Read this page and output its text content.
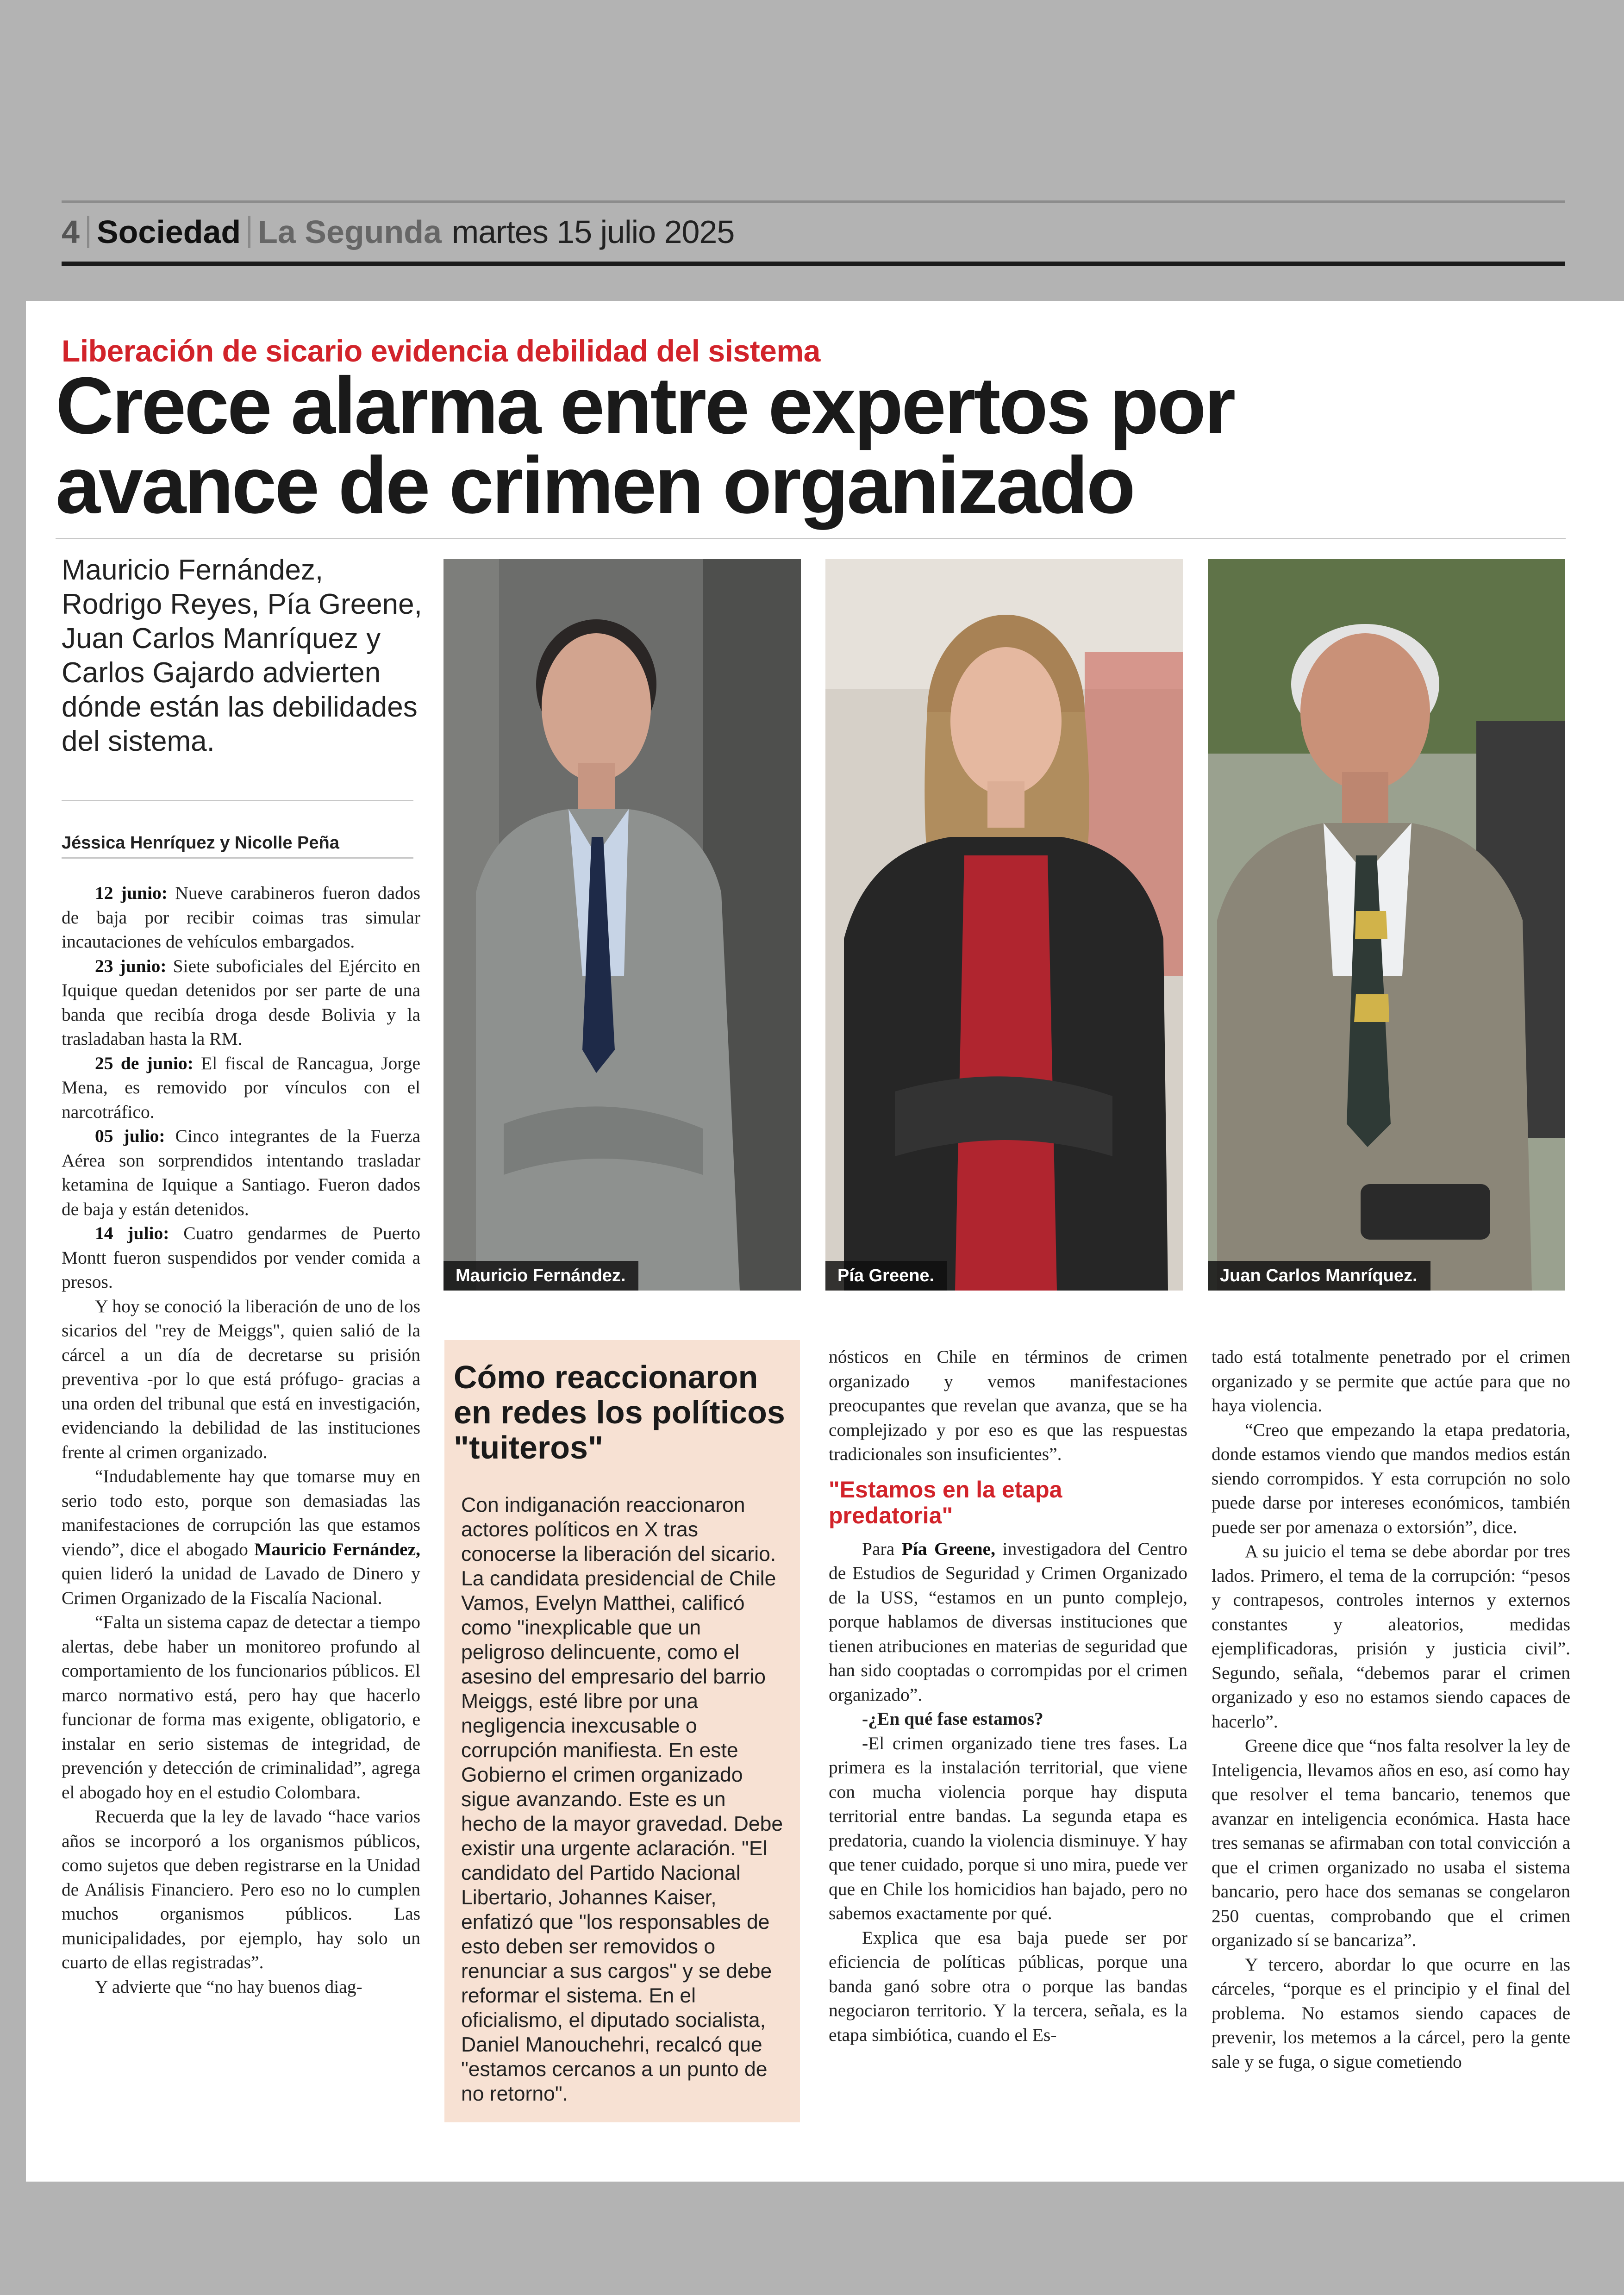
4 Sociedad La Segunda martes 15 julio 2025
Liberación de sicario evidencia debilidad del sistema
Crece alarma entre expertos por avance de crimen organizado

Mauricio Fernández, Rodrigo Reyes, Pía Greene, Juan Carlos Manríquez y Carlos Gajardo advierten dónde están las debilidades del sistema.

Jéssica Henríquez y Nicolle Peña
Mauricio Fernández.	Pía Greene.	Juan Carlos Manríquez.

12 junio: Nueve carabineros fueron dados de baja por recibir coimas tras simular incautaciones de vehículos embargados.

23 junio: Siete suboficiales del Ejército en Iquique quedan detenidos por ser parte de una banda que recibía droga desde Bolivia y la trasladaban hasta la RM.

25 de junio: El fiscal de Rancagua, Jorge Mena, es removido por vínculos con el narcotráfico.

05 julio: Cinco integrantes de la Fuerza Aérea son sorprendidos intentando trasladar ketamina de Iquique a Santiago. Fueron dados de baja y están detenidos.

14 julio: Cuatro gendarmes de Puerto Montt fueron suspendidos por vender comida a presos.

Y hoy se conoció la liberación de uno de los sicarios del "rey de Meiggs", quien salió de la cárcel a un día de decretarse su prisión preventiva -por lo que está prófugo- gracias a una orden del tribunal que está en investigación, evidenciando la debilidad de las instituciones frente al crimen organizado.

“Indudablemente hay que tomarse muy en serio todo esto, porque son demasiadas las manifestaciones de corrupción las que estamos viendo”, dice el abogado Mauricio Fernández, quien lideró la unidad de Lavado de Dinero y Crimen Organizado de la Fiscalía Nacional.

“Falta un sistema capaz de detectar a tiempo alertas, debe haber un monitoreo profundo al comportamiento de los funcionarios públicos. El marco normativo está, pero hay que hacerlo funcionar de forma mas exigente, obligatorio, e instalar en serio sistemas de integridad, de prevención y detección de criminalidad”, agrega el abogado hoy en el estudio Colombara.

Recuerda que la ley de lavado “hace varios años se incorporó a los organismos públicos, como sujetos que deben registrarse en la Unidad de Análisis Financiero. Pero eso no lo cumplen muchos organismos públicos. Las municipalidades, por ejemplo, hay solo un cuarto de ellas registradas”.

Y advierte que “no hay buenos diag-

Cómo reaccionaron en redes los políticos "tuiteros"

Con indiganación reaccionaron actores políticos en X tras conocerse la liberación del sicario. La candidata presidencial de Chile Vamos, Evelyn Matthei, calificó como "inexplicable que un peligroso delincuente, como el asesino del empresario del barrio Meiggs, esté libre por una negligencia inexcusable o corrupción manifiesta. En este Gobierno el crimen organizado sigue avanzando. Este es un hecho de la mayor gravedad. Debe existir una urgente aclaración. "El candidato del Partido Nacional Libertario, Johannes Kaiser, enfatizó que "los responsables de esto deben ser removidos o renunciar a sus cargos" y se debe reformar el sistema. En el oficialismo, el diputado socialista, Daniel Manouchehri, recalcó que "estamos cercanos a un punto de no retorno".

nósticos en Chile en términos de crimen organizado y vemos manifestaciones preocupantes que revelan que avanza, que se ha complejizado y por eso es que las respuestas tradicionales son insuficientes”.

"Estamos en la etapa predatoria"

Para Pía Greene, investigadora del Centro de Estudios de Seguridad y Crimen Organizado de la USS, “estamos en un punto complejo, porque hablamos de diversas instituciones que tienen atribuciones en materias de seguridad que han sido cooptadas o corrompidas por el crimen organizado”.

-¿En qué fase estamos?

-El crimen organizado tiene tres fases. La primera es la instalación territorial, que viene con mucha violencia porque hay disputa territorial entre bandas. La segunda etapa es predatoria, cuando la violencia disminuye. Y hay que tener cuidado, porque si uno mira, puede ver que en Chile los homicidios han bajado, pero no sabemos exactamente por qué.

Explica que esa baja puede ser por eficiencia de políticas públicas, porque una banda ganó sobre otra o porque las bandas negociaron territorio. Y la tercera, señala, es la etapa simbiótica, cuando el Es-

tado está totalmente penetrado por el crimen organizado y se permite que actúe para que no haya violencia.

“Creo que empezando la etapa predatoria, donde estamos viendo que mandos medios están siendo corrompidos. Y esta corrupción no solo puede darse por intereses económicos, también puede ser por amenaza o extorsión”, dice.

A su juicio el tema se debe abordar por tres lados. Primero, el tema de la corrupción: “pesos y contrapesos, controles internos y externos constantes y aleatorios, medidas ejemplificadoras, prisión y justicia civil”. Segundo, señala, “debemos parar el crimen organizado y eso no estamos siendo capaces de hacerlo”.

Greene dice que “nos falta resolver la ley de Inteligencia, llevamos años en eso, así como hay que resolver el tema bancario, tenemos que avanzar en inteligencia económica. Hasta hace tres semanas se afirmaban con total convicción a que el crimen organizado no usaba el sistema bancario, pero hace dos semanas se congelaron 250 cuentas, comprobando que el crimen organizado sí se bancariza”.

Y tercero, abordar lo que ocurre en las cárceles, “porque es el principio y el final del problema. No estamos siendo capaces de prevenir, los metemos a la cárcel, pero la gente sale y se fuga, o sigue cometiendo
